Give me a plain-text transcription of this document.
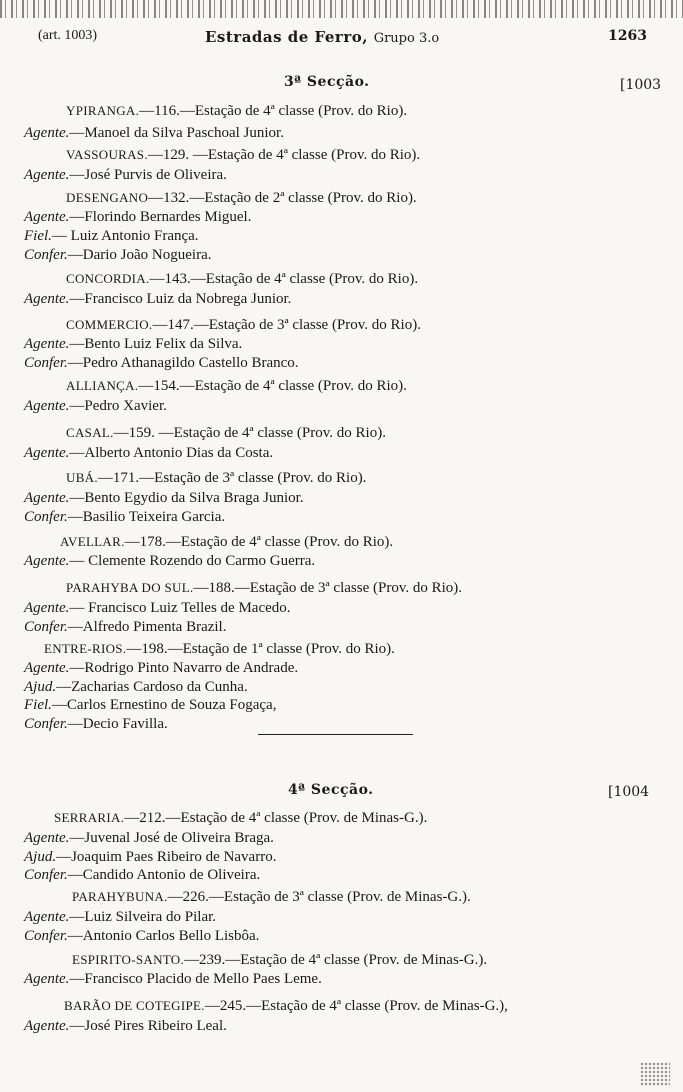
(art. 1003)	Estradas de Ferro, Grupo 3.o	1263
3ª Secção.	[1003
4ª Secção.	[1004
YPIRANGA.—116.—Estação de 4ª classe (Prov. do Rio).
Agente.—Manoel da Silva Paschoal Junior.
VASSOURAS.—129. —Estação de 4ª classe (Prov. do Rio).
Agente.—José Purvis de Oliveira.
DESENGANO—132.—Estação de 2ª classe (Prov. do Rio).
Agente.—Florindo Bernardes Miguel.
Fiel.— Luiz Antonio França.
Confer.—Dario João Nogueira.
CONCORDIA.—143.—Estação de 4ª classe (Prov. do Rio).
Agente.—Francisco Luiz da Nobrega Junior.
COMMERCIO.—147.—Estação de 3ª classe (Prov. do Rio).
Agente.—Bento Luiz Felix da Silva.
Confer.—Pedro Athanagildo Castello Branco.
ALLIANÇA.—154.—Estação de 4ª classe (Prov. do Rio).
Agente.—Pedro Xavier.
CASAL.—159. —Estação de 4ª classe (Prov. do Rio).
Agente.—Alberto Antonio Dias da Costa.
UBÁ.—171.—Estação de 3ª classe (Prov. do Rio).
Agente.—Bento Egydio da Silva Braga Junior.
Confer.—Basilio Teixeira Garcia.
AVELLAR.—178.—Estação de 4ª classe (Prov. do Rio).
Agente.— Clemente Rozendo do Carmo Guerra.
PARAHYBA DO SUL.—188.—Estação de 3ª classe (Prov. do Rio).
Agente.— Francisco Luiz Telles de Macedo.
Confer.—Alfredo Pimenta Brazil.
ENTRE-RIOS.—198.—Estação de 1ª classe (Prov. do Rio).
Agente.—Rodrigo Pinto Navarro de Andrade.
Ajud.—Zacharias Cardoso da Cunha.
Fiel.—Carlos Ernestino de Souza Fogaça,
Confer.—Decio Favilla.
SERRARIA.—212.—Estação de 4ª classe (Prov. de Minas-G.).
Agente.—Juvenal José de Oliveira Braga.
Ajud.—Joaquim Paes Ribeiro de Navarro.
Confer.—Candido Antonio de Oliveira.
PARAHYBUNA.—226.—Estação de 3ª classe (Prov. de Minas-G.).
Agente.—Luiz Silveira do Pilar.
Confer.—Antonio Carlos Bello Lisbôa.
ESPIRITO-SANTO.—239.—Estação de 4ª classe (Prov. de Minas-G.).
Agente.—Francisco Placido de Mello Paes Leme.
BARÃO DE COTEGIPE.—245.—Estação de 4ª classe (Prov. de Minas-G.),
Agente.—José Pires Ribeiro Leal.
